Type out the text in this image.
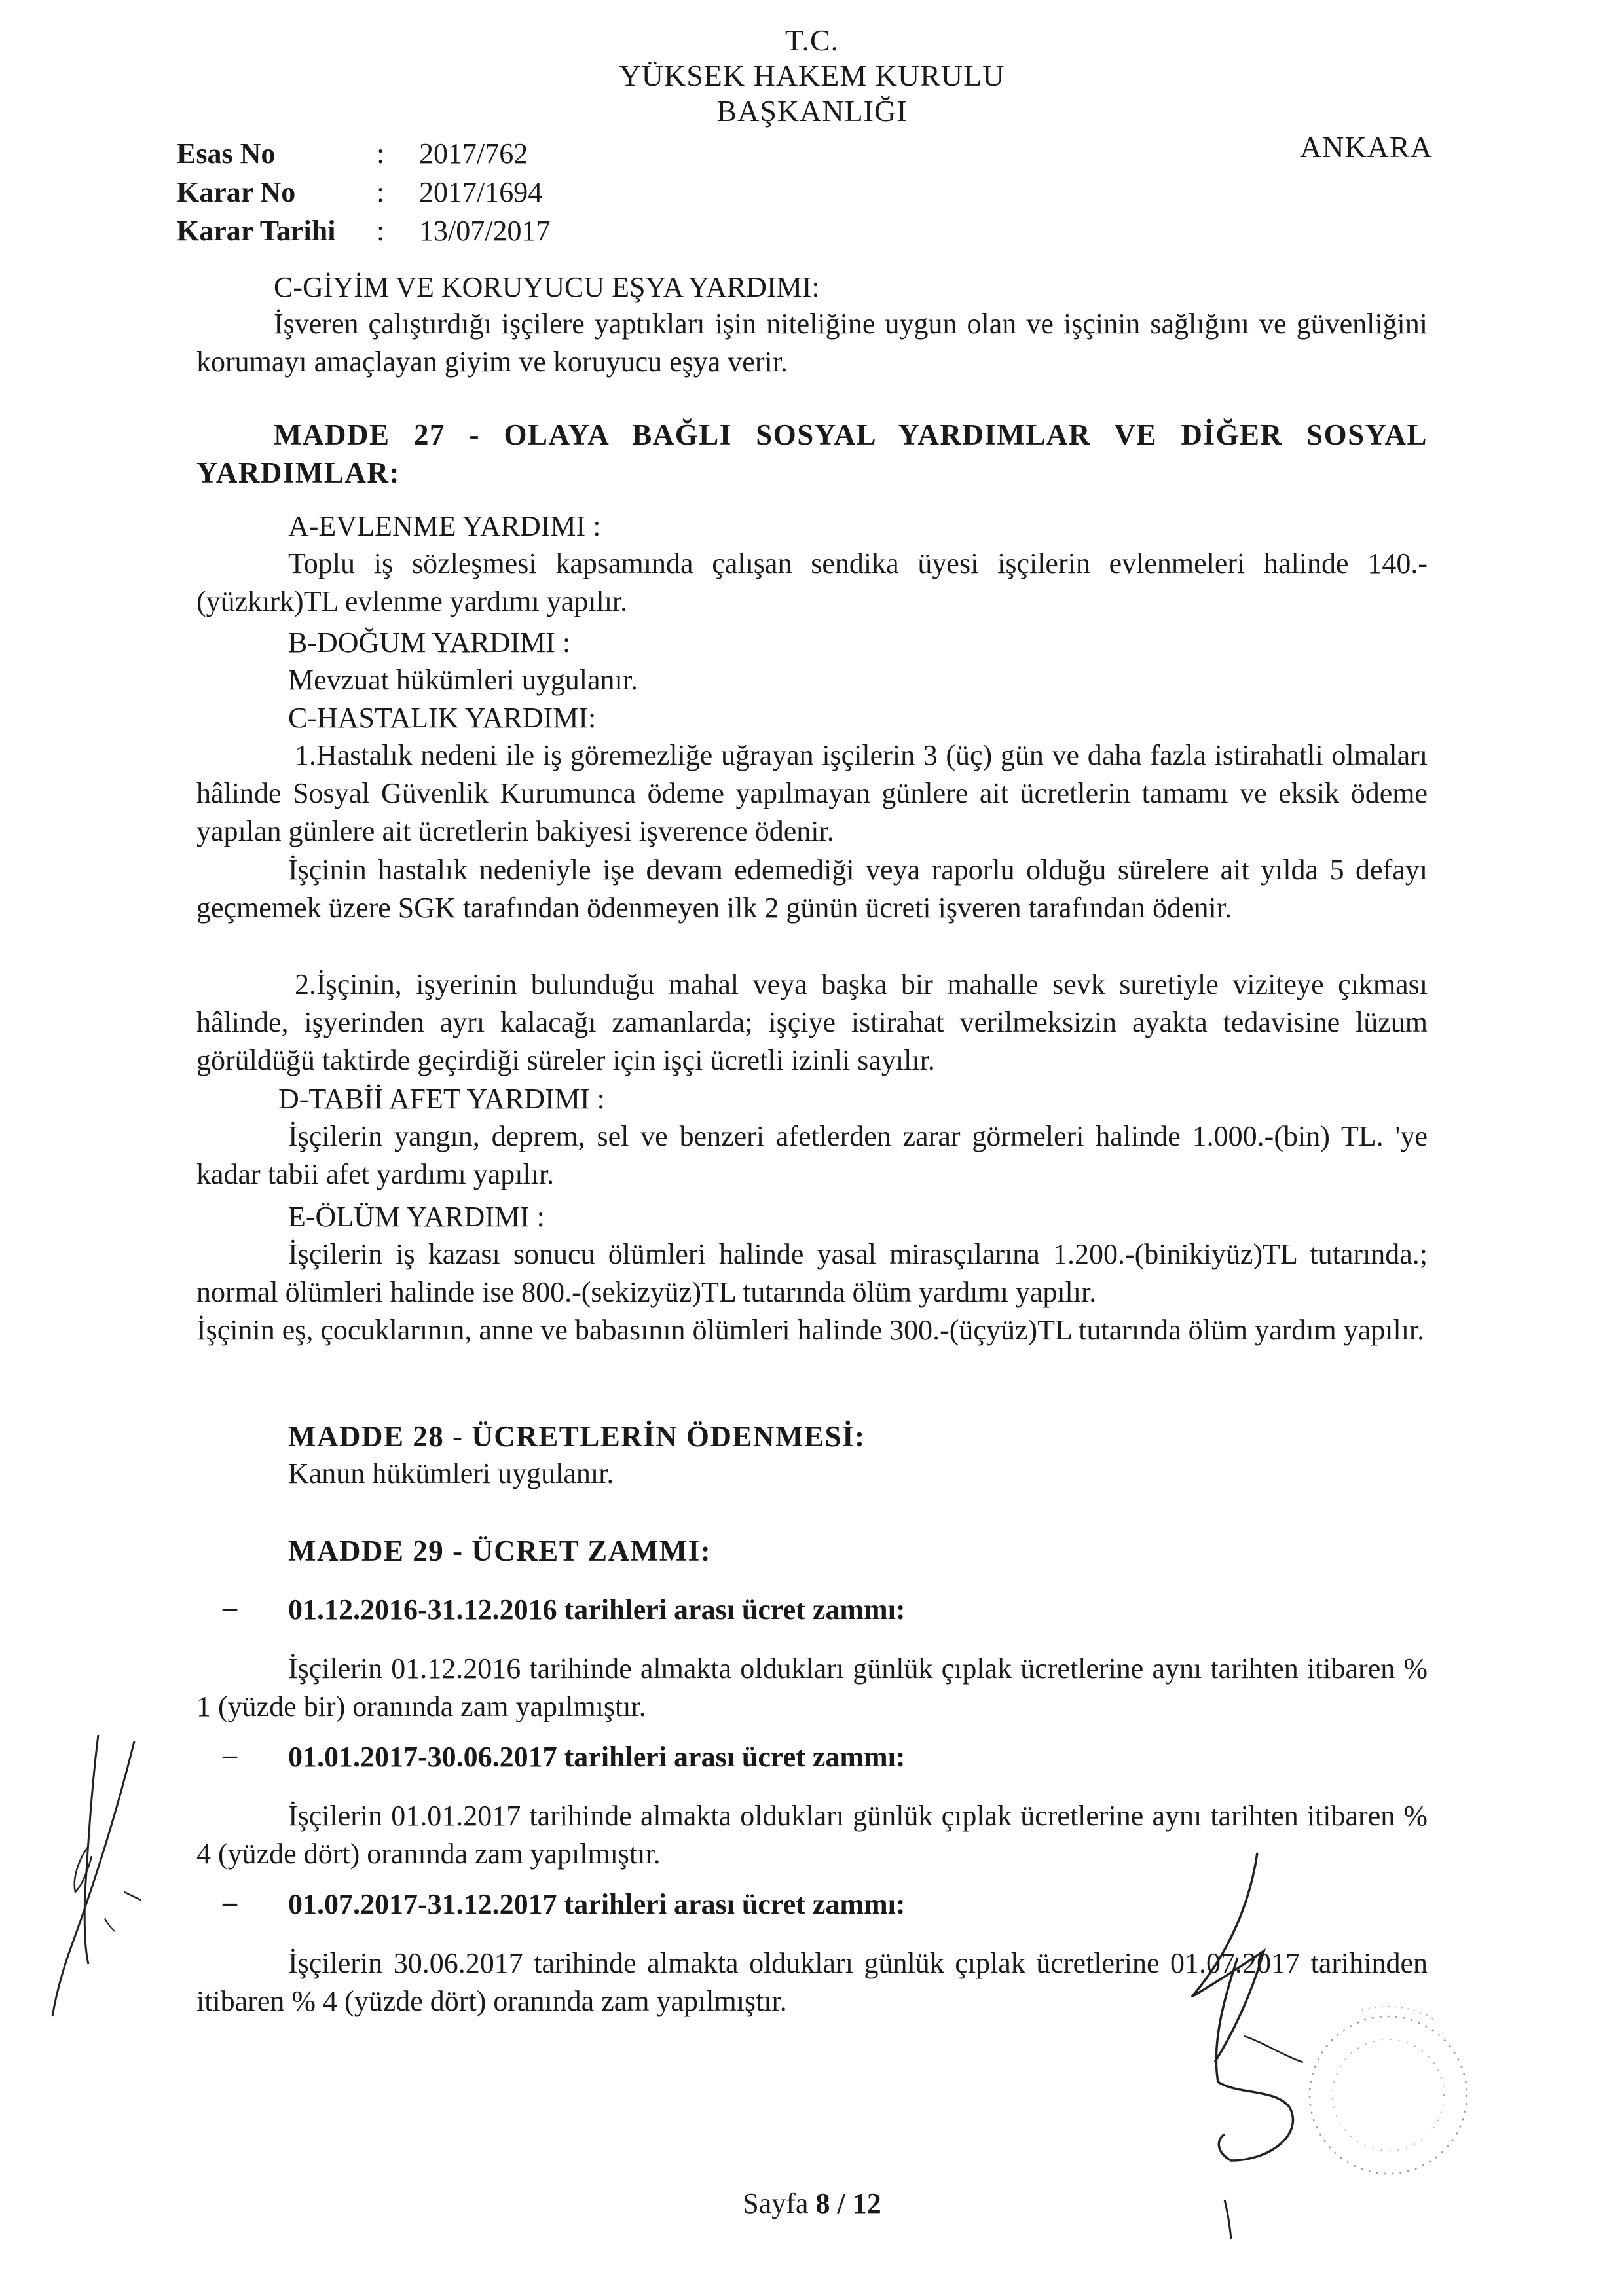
T.C.
YÜKSEK HAKEM KURULU
BAŞKANLIĞI
ANKARA
Esas No	: 2017/762
Karar No	: 2017/1694
Karar Tarihi : 13/07/2017
C-GİYİM VE KORUYUCU EŞYA YARDIMI:
İşveren çalıştırdığı işçilere yaptıkları işin niteliğine uygun olan ve işçinin sağlığını ve güvenliğini korumayı amaçlayan giyim ve koruyucu eşya verir.
MADDE 27 - OLAYA BAĞLI SOSYAL YARDIMLAR VE DİĞER SOSYAL YARDIMLAR:
A-EVLENME YARDIMI :
Toplu iş sözleşmesi kapsamında çalışan sendika üyesi işçilerin evlenmeleri halinde 140.-(yüzkırk)TL evlenme yardımı yapılır.
B-DOĞUM YARDIMI :
Mevzuat hükümleri uygulanır.
C-HASTALIK YARDIMI:
1.Hastalık nedeni ile iş göremezliğe uğrayan işçilerin 3 (üç) gün ve daha fazla istirahatli olmaları hâlinde Sosyal Güvenlik Kurumunca ödeme yapılmayan günlere ait ücretlerin tamamı ve eksik ödeme yapılan günlere ait ücretlerin bakiyesi işverence ödenir.
İşçinin hastalık nedeniyle işe devam edemediği veya raporlu olduğu sürelere ait yılda 5 defayı geçmemek üzere SGK tarafından ödenmeyen ilk 2 günün ücreti işveren tarafından ödenir.
2.İşçinin, işyerinin bulunduğu mahal veya başka bir mahalle sevk suretiyle viziteye çıkması hâlinde, işyerinden ayrı kalacağı zamanlarda; işçiye istirahat verilmeksizin ayakta tedavisine lüzum görüldüğü taktirde geçirdiği süreler için işçi ücretli izinli sayılır.
D-TABİİ AFET YARDIMI :
İşçilerin yangın, deprem, sel ve benzeri afetlerden zarar görmeleri halinde 1.000.-(bin) TL. 'ye kadar tabii afet yardımı yapılır.
E-ÖLÜM YARDIMI :
İşçilerin iş kazası sonucu ölümleri halinde yasal mirasçılarına 1.200.-(binikiyüz)TL tutarında.; normal ölümleri halinde ise 800.-(sekizyüz)TL tutarında ölüm yardımı yapılır.
İşçinin eş, çocuklarının, anne ve babasının ölümleri halinde 300.-(üçyüz)TL tutarında ölüm yardım yapılır.
MADDE 28 - ÜCRETLERİN ÖDENMESİ:
Kanun hükümleri uygulanır.
MADDE 29 - ÜCRET ZAMMI:
– 01.12.2016-31.12.2016 tarihleri arası ücret zammı:
İşçilerin 01.12.2016 tarihinde almakta oldukları günlük çıplak ücretlerine aynı tarihten itibaren % 1 (yüzde bir) oranında zam yapılmıştır.
– 01.01.2017-30.06.2017 tarihleri arası ücret zammı:
İşçilerin 01.01.2017 tarihinde almakta oldukları günlük çıplak ücretlerine aynı tarihten itibaren % 4 (yüzde dört) oranında zam yapılmıştır.
– 01.07.2017-31.12.2017 tarihleri arası ücret zammı:
İşçilerin 30.06.2017 tarihinde almakta oldukları günlük çıplak ücretlerine 01.07.2017 tarihinden itibaren % 4 (yüzde dört) oranında zam yapılmıştır.
Sayfa 8 / 12
